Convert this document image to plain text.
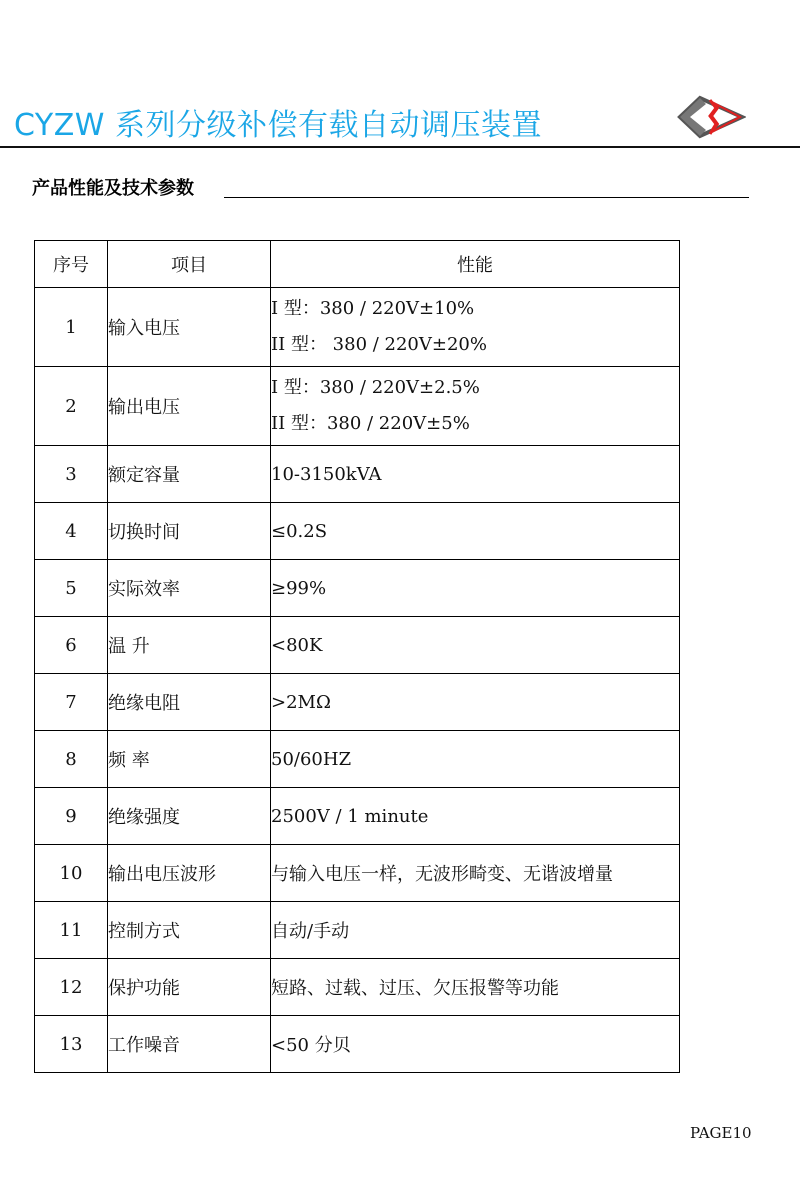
CYZW 系列分级补偿有载自动调压装置
产品性能及技术参数
序号	项目	性能
1	输入电压	I 型：380 / 220V±10%
II 型： 380 / 220V±20%

2	输出电压	I 型：380 / 220V±2.5%
II 型：380 / 220V±5%

3	额定容量	10-3150kVA
4	切换时间	≤0.2S
5	实际效率	≥99%
6	温 升	<80K
7	绝缘电阻	>2MΩ
8	频 率	50/60HZ
9	绝缘强度	2500V / 1 minute
10	输出电压波形	与输入电压一样，无波形畸变、无谐波增量
11	控制方式	自动/手动
12	保护功能	短路、过载、过压、欠压报警等功能
13	工作噪音	<50 分贝
PAGE10
